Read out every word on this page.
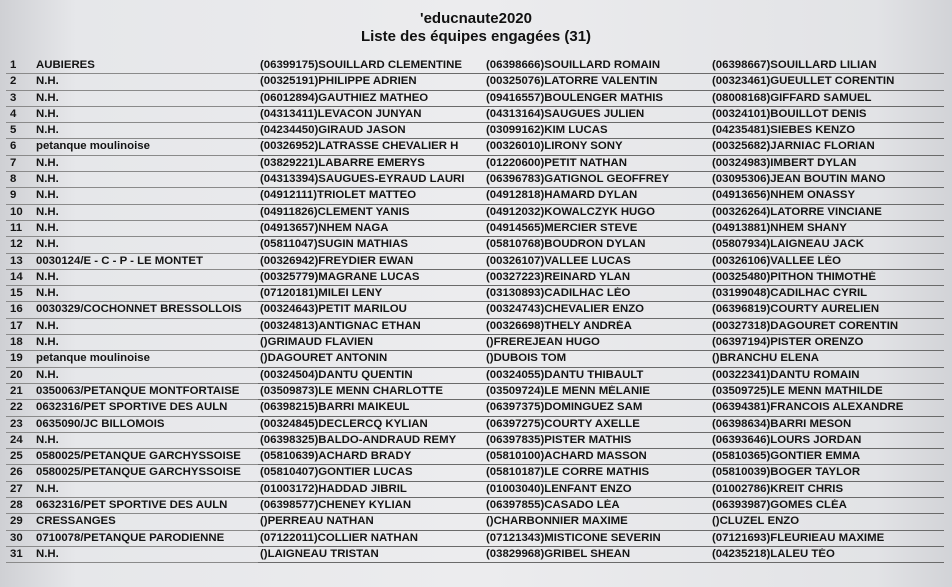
'educnaute2020
Liste des équipes engagées (31)
1	AUBIERES	(06399175)SOUILLARD CLEMENTINE	(06398666)SOUILLARD ROMAIN	(06398667)SOUILLARD LILIAN
2	N.H.	(00325191)PHILIPPE ADRIEN	(00325076)LATORRE VALENTIN	(00323461)GUEULLET CORENTIN
3	N.H.	(06012894)GAUTHIEZ MATHEO	(09416557)BOULENGER MATHIS	(08008168)GIFFARD SAMUEL
4	N.H.	(04313411)LEVACON JUNYAN	(04313164)SAUGUES JULIEN	(00324101)BOUILLOT DENIS
5	N.H.	(04234450)GIRAUD JASON	(03099162)KIM LUCAS	(04235481)SIEBES KENZO
6	petanque moulinoise	(00326952)LATRASSE CHEVALIER H	(00326010)LIRONY SONY	(00325682)JARNIAC FLORIAN
7	N.H.	(03829221)LABARRE EMERYS	(01220600)PETIT NATHAN	(00324983)IMBERT DYLAN
8	N.H.	(04313394)SAUGUES-EYRAUD LAURI	(06396783)GATIGNOL GEOFFREY	(03095306)JEAN BOUTIN MANO
9	N.H.	(04912111)TRIOLET MATTEO	(04912818)HAMARD DYLAN	(04913656)NHEM ONASSY
10	N.H.	(04911826)CLEMENT YANIS	(04912032)KOWALCZYK HUGO	(00326264)LATORRE VINCIANE
11	N.H.	(04913657)NHEM NAGA	(04914565)MERCIER STEVE	(04913881)NHEM SHANY
12	N.H.	(05811047)SUGIN MATHIAS	(05810768)BOUDRON DYLAN	(05807934)LAIGNEAU JACK
13	0030124/E - C - P - LE MONTET	(00326942)FREYDIER EWAN	(00326107)VALLEE LUCAS	(00326106)VALLEE LÉO
14	N.H.	(00325779)MAGRANE LUCAS	(00327223)REINARD YLAN	(00325480)PITHON THIMOTHÉ
15	N.H.	(07120181)MILEI LENY	(03130893)CADILHAC LÉO	(03199048)CADILHAC CYRIL
16	0030329/COCHONNET BRESSOLLOIS	(00324643)PETIT MARILOU	(00324743)CHEVALIER ENZO	(06396819)COURTY AURELIEN
17	N.H.	(00324813)ANTIGNAC ETHAN	(00326698)THELY ANDRÉA	(00327318)DAGOURET CORENTIN
18	N.H.	()GRIMAUD FLAVIEN	()FREREJEAN HUGO	(06397194)PISTER ORENZO
19	petanque moulinoise	()DAGOURET ANTONIN	()DUBOIS TOM	()BRANCHU ELENA
20	N.H.	(00324504)DANTU QUENTIN	(00324055)DANTU THIBAULT	(00322341)DANTU ROMAIN
21	0350063/PETANQUE MONTFORTAISE	(03509873)LE MENN CHARLOTTE	(03509724)LE MENN MÉLANIE	(03509725)LE MENN MATHILDE
22	0632316/PET SPORTIVE DES AULN	(06398215)BARRI MAIKEUL	(06397375)DOMINGUEZ SAM	(06394381)FRANCOIS ALEXANDRE
23	0635090/JC BILLOMOIS	(00324845)DECLERCQ KYLIAN	(06397275)COURTY AXELLE	(06398634)BARRI MESON
24	N.H.	(06398325)BALDO-ANDRAUD REMY	(06397835)PISTER MATHIS	(06393646)LOURS JORDAN
25	0580025/PETANQUE GARCHYSSOISE	(05810639)ACHARD BRADY	(05810100)ACHARD MASSON	(05810365)GONTIER EMMA
26	0580025/PETANQUE GARCHYSSOISE	(05810407)GONTIER LUCAS	(05810187)LE CORRE MATHIS	(05810039)BOGER TAYLOR
27	N.H.	(01003172)HADDAD JIBRIL	(01003040)LENFANT ENZO	(01002786)KREIT CHRIS
28	0632316/PET SPORTIVE DES AULN	(06398577)CHENEY KYLIAN	(06397855)CASADO LÉA	(06393987)GOMES CLÉA
29	CRESSANGES	()PERREAU NATHAN	()CHARBONNIER MAXIME	()CLUZEL ENZO
30	0710078/PETANQUE PARODIENNE	(07122011)COLLIER NATHAN	(07121343)MISTICONE SEVERIN	(07121693)FLEURIEAU MAXIME
31	N.H.	()LAIGNEAU TRISTAN	(03829968)GRIBEL SHEAN	(04235218)LALEU TÉO
